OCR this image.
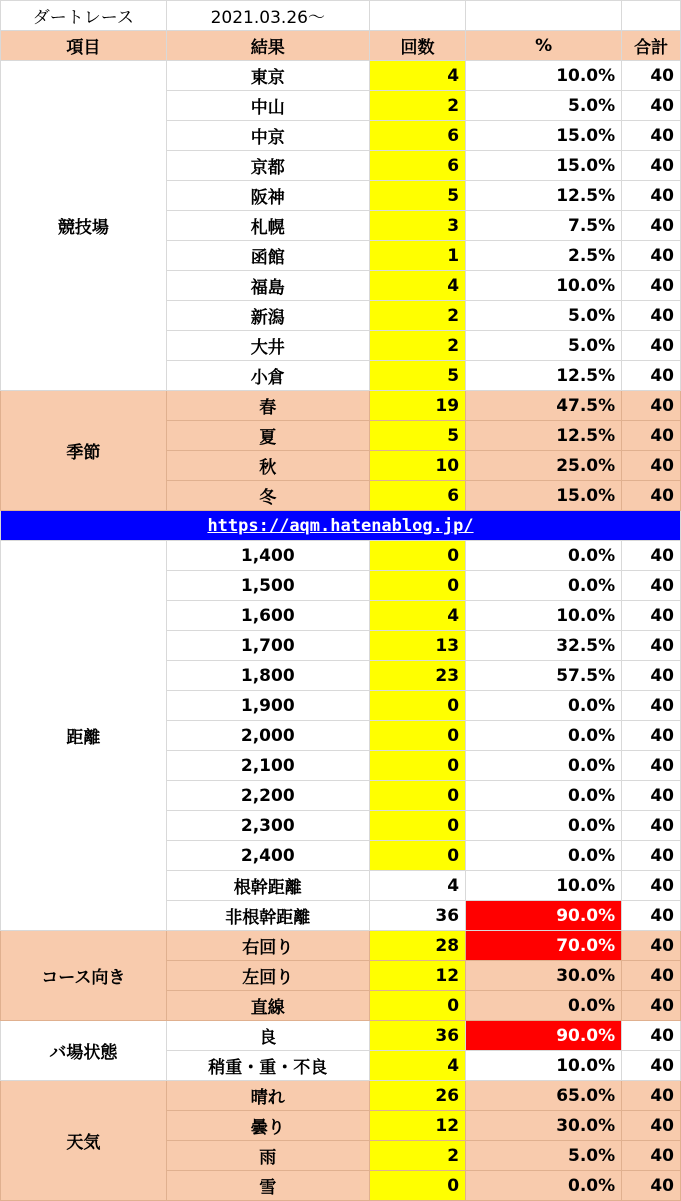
ダートレース	2021.03.26～			
項目	結果	回数	%	合計
競技場	東京	4	10.0%	40
	中山	2	5.0%	40
	中京	6	15.0%	40
	京都	6	15.0%	40
	阪神	5	12.5%	40
	札幌	3	7.5%	40
	函館	1	2.5%	40
	福島	4	10.0%	40
	新潟	2	5.0%	40
	大井	2	5.0%	40
	小倉	5	12.5%	40
季節	春	19	47.5%	40
	夏	5	12.5%	40
	秋	10	25.0%	40
	冬	6	15.0%	40
https://aqm.hatenablog.jp/				
距離	1,400	0	0.0%	40
	1,500	0	0.0%	40
	1,600	4	10.0%	40
	1,700	13	32.5%	40
	1,800	23	57.5%	40
	1,900	0	0.0%	40
	2,000	0	0.0%	40
	2,100	0	0.0%	40
	2,200	0	0.0%	40
	2,300	0	0.0%	40
	2,400	0	0.0%	40
	根幹距離	4	10.0%	40
	非根幹距離	36	90.0%	40
コース向き	右回り	28	70.0%	40
	左回り	12	30.0%	40
	直線	0	0.0%	40
バ場状態	良	36	90.0%	40
	稍重・重・不良	4	10.0%	40
天気	晴れ	26	65.0%	40
	曇り	12	30.0%	40
	雨	2	5.0%	40
	雪	0	0.0%	40
